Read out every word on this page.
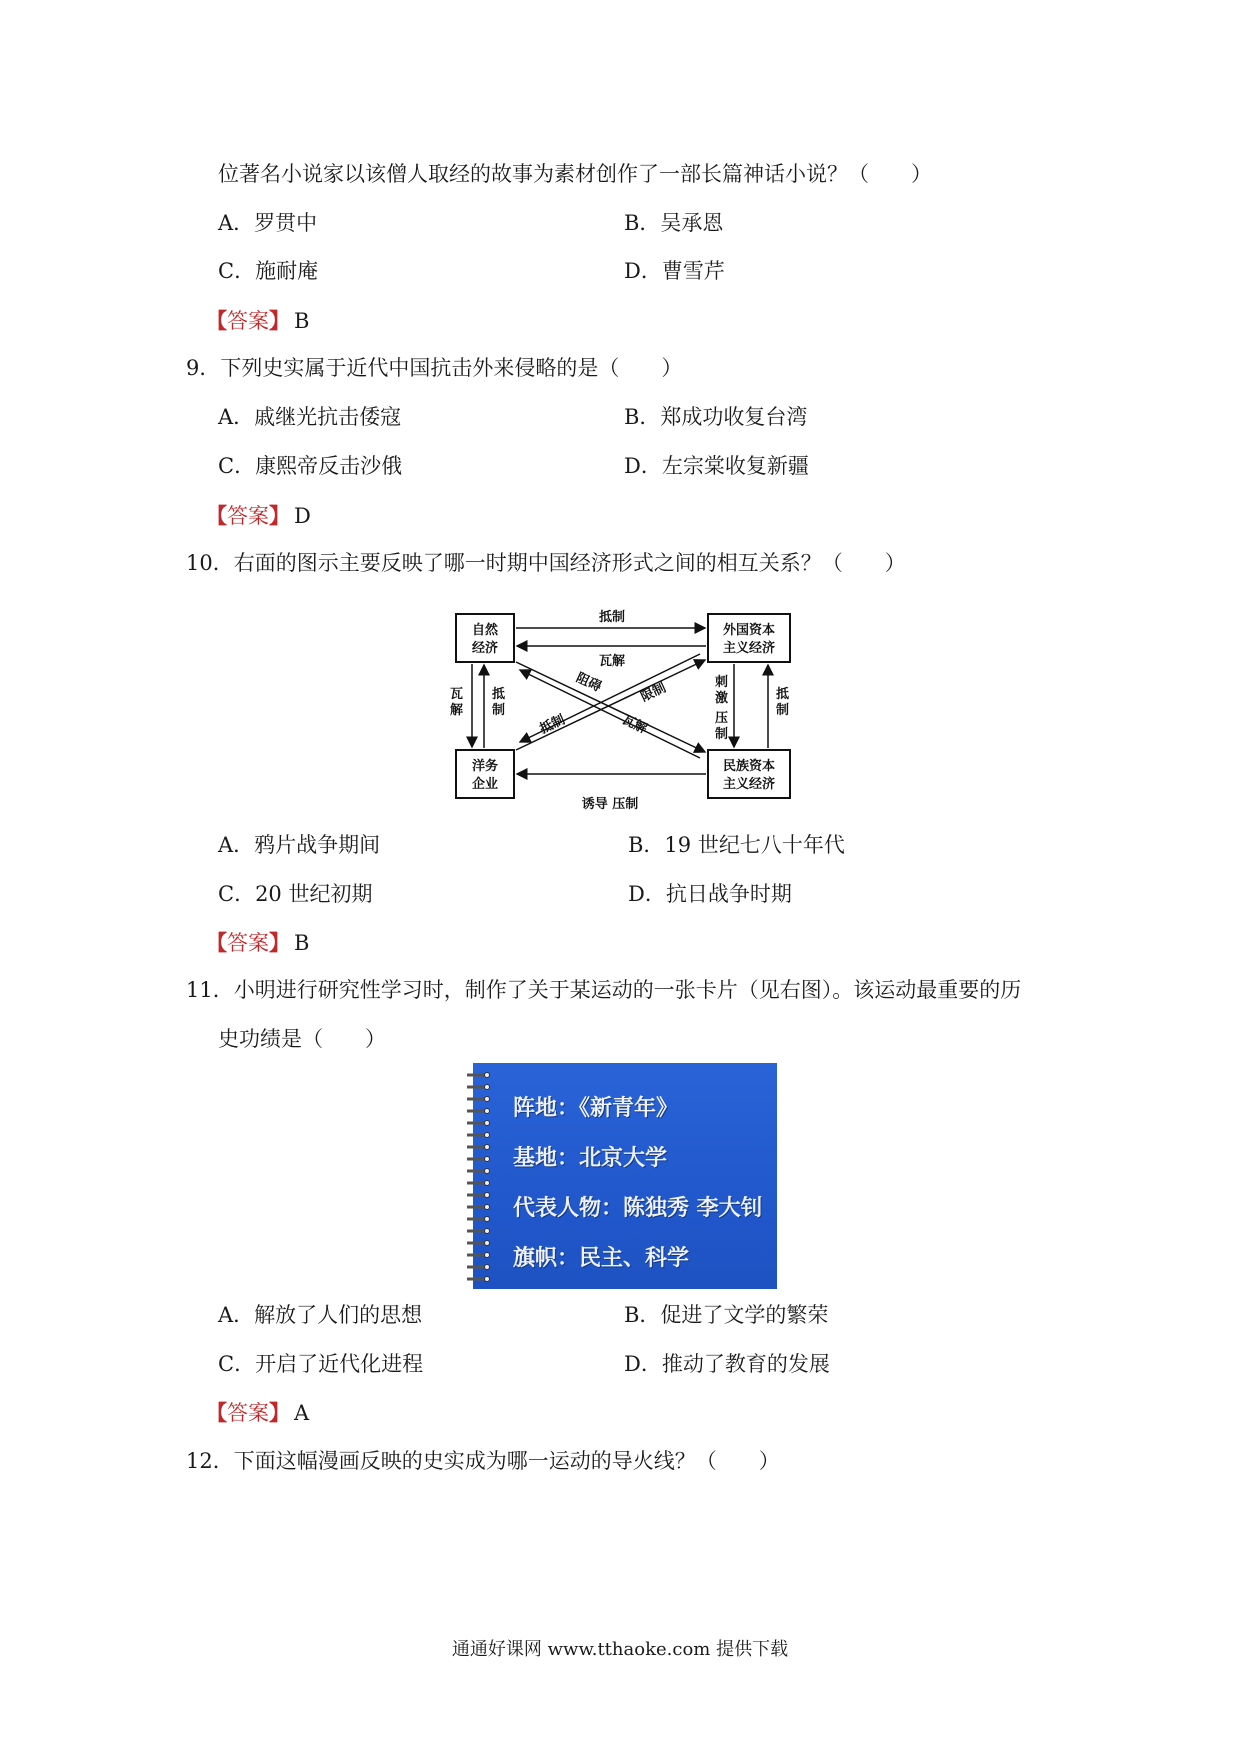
位著名小说家以该僧人取经的故事为素材创作了一部长篇神话小说？（　　）
A．罗贯中	B．吴承恩
C．施耐庵	D．曹雪芹
【答案】 B
9．下列史实属于近代中国抗击外来侵略的是（　　）
A．戚继光抗击倭寇	B．郑成功收复台湾
C．康熙帝反击沙俄	D．左宗棠收复新疆
【答案】 D
10．右面的图示主要反映了哪一时期中国经济形式之间的相互关系？（　　）
自然
经济
外国资本
主义经济
洋务
企业
民族资本
主义经济
抵制
瓦解
瓦
解
抵
制
刺
激
压
制
抵
制
诱导 压制
阻碍	限制
抵制	瓦解
A．鸦片战争期间	B．19 世纪七八十年代
C．20 世纪初期	D．抗日战争时期
【答案】 B
11．小明进行研究性学习时，制作了关于某运动的一张卡片（见右图）。该运动最重要的历
史功绩是（　　）
阵地：《新青年》
基地：北京大学
代表人物：陈独秀 李大钊
旗帜：民主、科学
A．解放了人们的思想	B．促进了文学的繁荣
C．开启了近代化进程	D．推动了教育的发展
【答案】 A
12．下面这幅漫画反映的史实成为哪一运动的导火线？（　　）
通通好课网 www.tthaoke.com 提供下载
